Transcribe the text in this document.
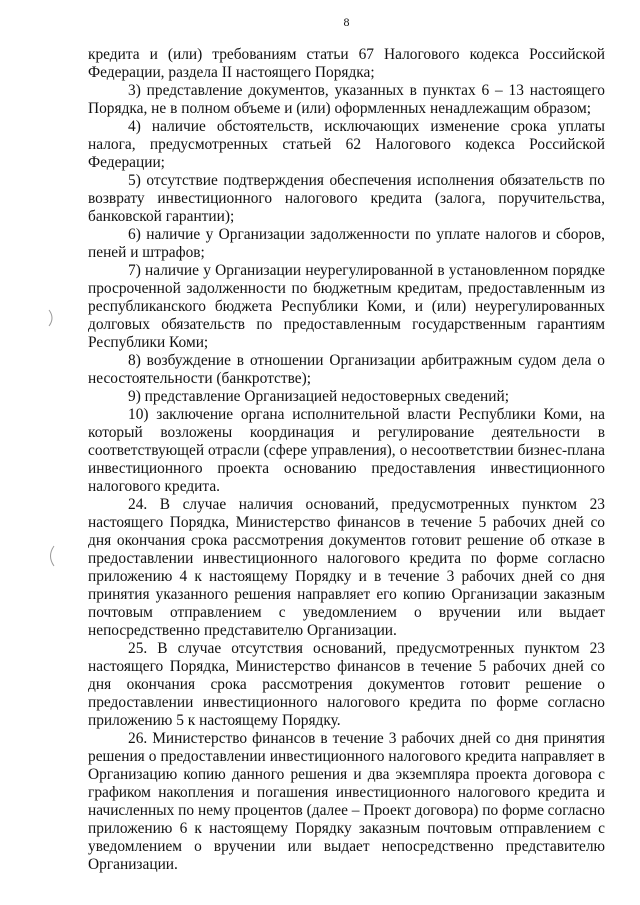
8

кредита и (или) требованиям статьи 67 Налогового кодекса Российской Федерации, раздела II настоящего Порядка;

3) представление документов, указанных в пунктах 6 – 13 настоящего Порядка, не в полном объеме и (или) оформленных ненадлежащим образом;

4) наличие обстоятельств, исключающих изменение срока уплаты налога, предусмотренных статьей 62 Налогового кодекса Российской Федерации;

5) отсутствие подтверждения обеспечения исполнения обязательств по возврату инвестиционного налогового кредита (залога, поручительства, банковской гарантии);

6) наличие у Организации задолженности по уплате налогов и сборов, пеней и штрафов;

7) наличие у Организации неурегулированной в установленном порядке просроченной задолженности по бюджетным кредитам, предоставленным из республиканского бюджета Республики Коми, и (или) неурегулированных долговых обязательств по предоставленным государственным гарантиям Республики Коми;

8) возбуждение в отношении Организации арбитражным судом дела о несостоятельности (банкротстве);

9) представление Организацией недостоверных сведений;

10) заключение органа исполнительной власти Республики Коми, на который возложены координация и регулирование деятельности в соответствующей отрасли (сфере управления), о несоответствии бизнес-плана инвестиционного проекта основанию предоставления инвестиционного налогового кредита.

24. В случае наличия оснований, предусмотренных пунктом 23 настоящего Порядка, Министерство финансов в течение 5 рабочих дней со дня окончания срока рассмотрения документов готовит решение об отказе в предоставлении инвестиционного налогового кредита по форме согласно приложению 4 к настоящему Порядку и в течение 3 рабочих дней со дня принятия указанного решения направляет его копию Организации заказным почтовым отправлением с уведомлением о вручении или выдает непосредственно представителю Организации.

25. В случае отсутствия оснований, предусмотренных пунктом 23 настоящего Порядка, Министерство финансов в течение 5 рабочих дней со дня окончания срока рассмотрения документов готовит решение о предоставлении инвестиционного налогового кредита по форме согласно приложению 5 к настоящему Порядку.

26. Министерство финансов в течение 3 рабочих дней со дня принятия решения о предоставлении инвестиционного налогового кредита направляет в Организацию копию данного решения и два экземпляра проекта договора с графиком накопления и погашения инвестиционного налогового кредита и начисленных по нему процентов (далее – Проект договора) по форме согласно приложению 6 к настоящему Порядку заказным почтовым отправлением с уведомлением о вручении или выдает непосредственно представителю Организации.
